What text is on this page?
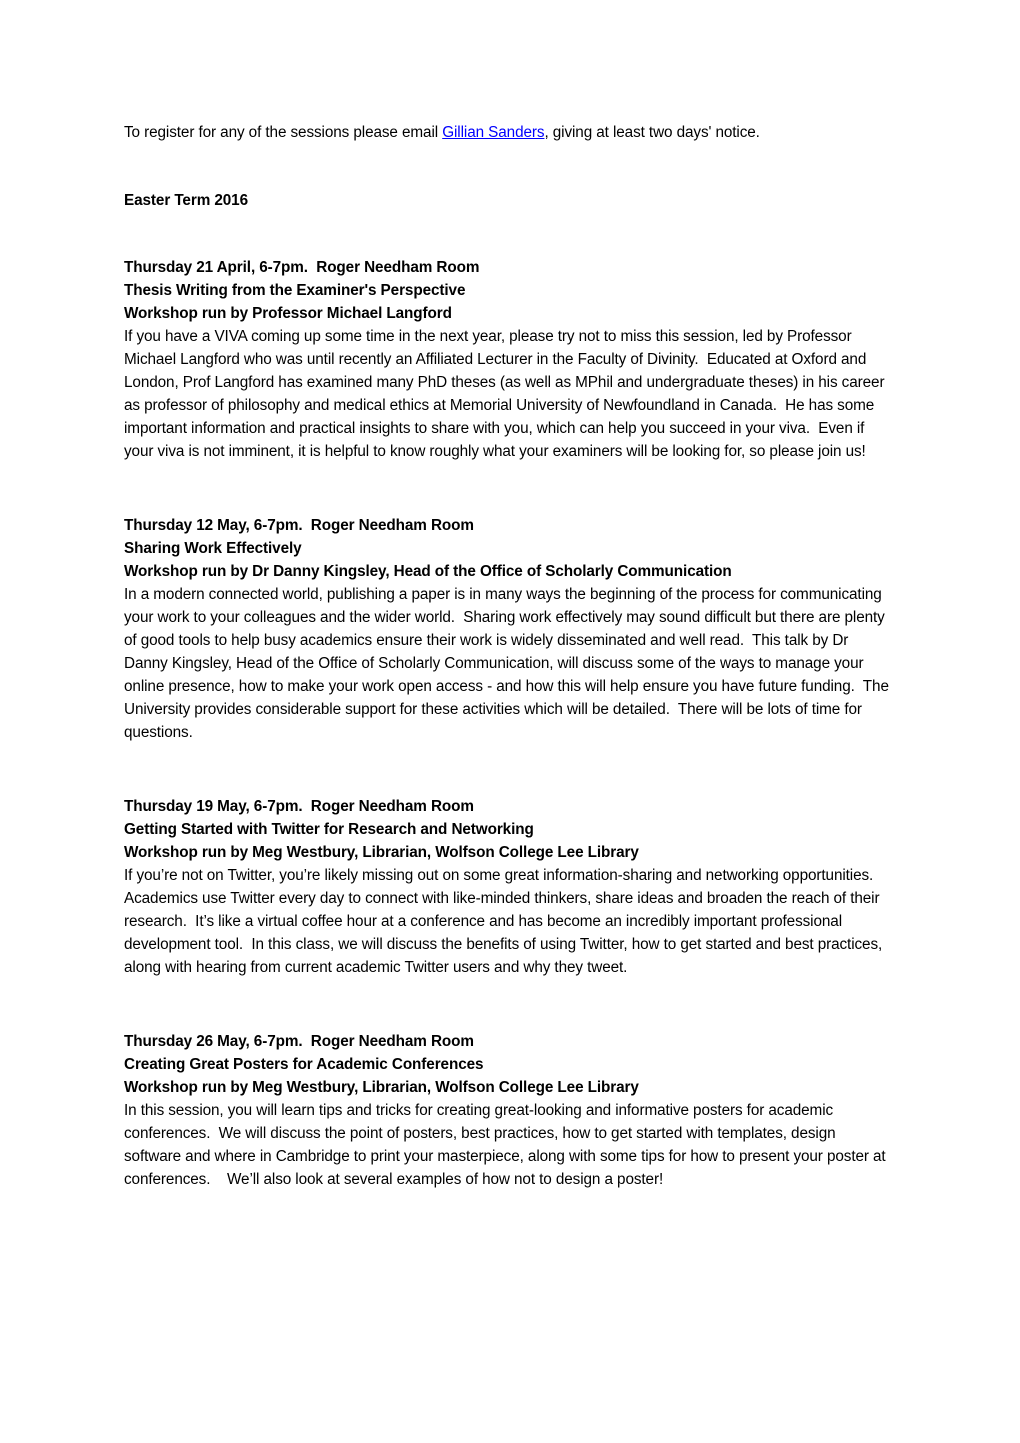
To register for any of the sessions please email Gillian Sanders, giving at least two days' notice.

Easter Term 2016

Thursday 21 April, 6-7pm.  Roger Needham Room

Thesis Writing from the Examiner's Perspective

Workshop run by Professor Michael Langford

If you have a VIVA coming up some time in the next year, please try not to miss this session, led by Professor Michael Langford who was until recently an Affiliated Lecturer in the Faculty of Divinity.  Educated at Oxford and London, Prof Langford has examined many PhD theses (as well as MPhil and undergraduate theses) in his career as professor of philosophy and medical ethics at Memorial University of Newfoundland in Canada.  He has some important information and practical insights to share with you, which can help you succeed in your viva.  Even if your viva is not imminent, it is helpful to know roughly what your examiners will be looking for, so please join us!

Thursday 12 May, 6-7pm.  Roger Needham Room

Sharing Work Effectively

Workshop run by Dr Danny Kingsley, Head of the Office of Scholarly Communication

In a modern connected world, publishing a paper is in many ways the beginning of the process for communicating your work to your colleagues and the wider world.  Sharing work effectively may sound difficult but there are plenty of good tools to help busy academics ensure their work is widely disseminated and well read.  This talk by Dr Danny Kingsley, Head of the Office of Scholarly Communication, will discuss some of the ways to manage your online presence, how to make your work open access - and how this will help ensure you have future funding.  The University provides considerable support for these activities which will be detailed.  There will be lots of time for questions.

Thursday 19 May, 6-7pm.  Roger Needham Room

Getting Started with Twitter for Research and Networking

Workshop run by Meg Westbury, Librarian, Wolfson College Lee Library

If you’re not on Twitter, you’re likely missing out on some great information-sharing and networking opportunities.  Academics use Twitter every day to connect with like-minded thinkers, share ideas and broaden the reach of their research.  It’s like a virtual coffee hour at a conference and has become an incredibly important professional development tool.  In this class, we will discuss the benefits of using Twitter, how to get started and best practices, along with hearing from current academic Twitter users and why they tweet.

Thursday 26 May, 6-7pm.  Roger Needham Room

Creating Great Posters for Academic Conferences

Workshop run by Meg Westbury, Librarian, Wolfson College Lee Library

In this session, you will learn tips and tricks for creating great-looking and informative posters for academic conferences.  We will discuss the point of posters, best practices, how to get started with templates, design software and where in Cambridge to print your masterpiece, along with some tips for how to present your poster at conferences.    We’ll also look at several examples of how not to design a poster!
